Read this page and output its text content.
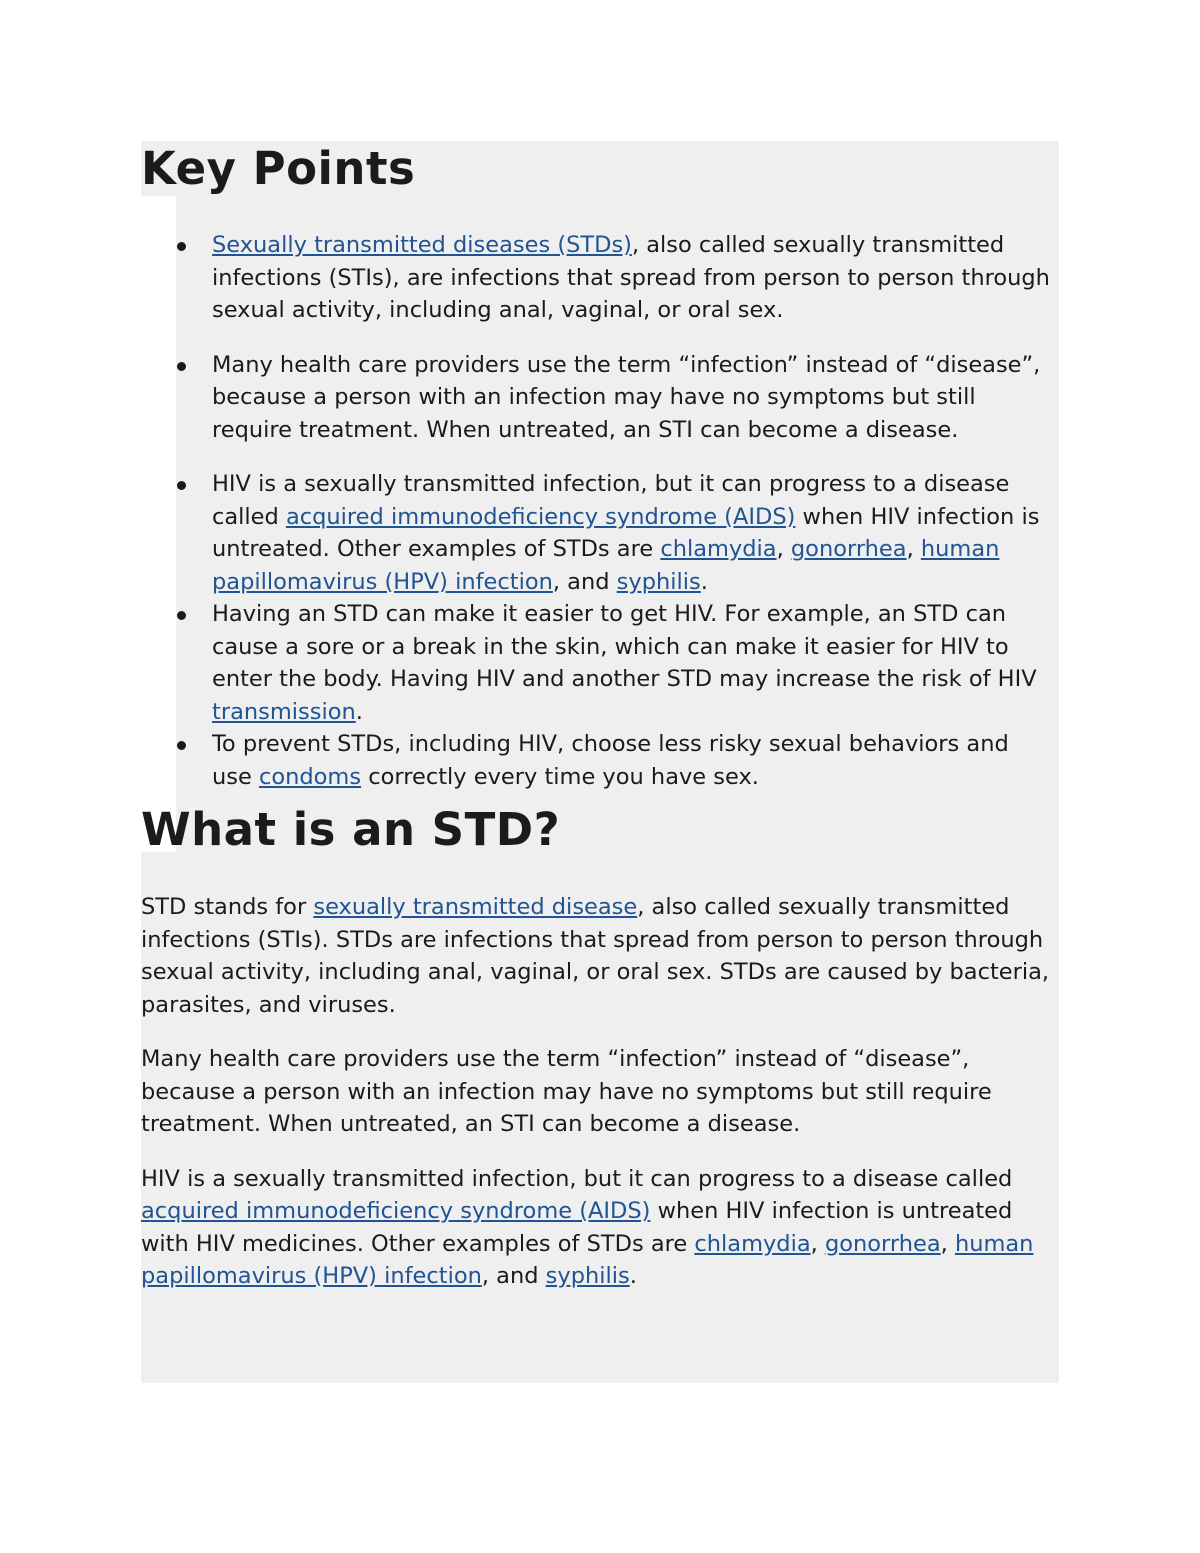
Key Points
Sexually transmitted diseases (STDs), also called sexually transmitted infections (STIs), are infections that spread from person to person through sexual activity, including anal, vaginal, or oral sex.
Many health care providers use the term “infection” instead of “disease”, because a person with an infection may have no symptoms but still require treatment. When untreated, an STI can become a disease.
HIV is a sexually transmitted infection, but it can progress to a disease called acquired immunodeficiency syndrome (AIDS) when HIV infection is untreated. Other examples of STDs are chlamydia, gonorrhea, human papillomavirus (HPV) infection, and syphilis.
Having an STD can make it easier to get HIV. For example, an STD can cause a sore or a break in the skin, which can make it easier for HIV to enter the body. Having HIV and another STD may increase the risk of HIV transmission.
To prevent STDs, including HIV, choose less risky sexual behaviors and use condoms correctly every time you have sex.
What is an STD?

STD stands for sexually transmitted disease, also called sexually transmitted infections (STIs). STDs are infections that spread from person to person through sexual activity, including anal, vaginal, or oral sex. STDs are caused by bacteria, parasites, and viruses.

Many health care providers use the term “infection” instead of “disease”, because a person with an infection may have no symptoms but still require treatment. When untreated, an STI can become a disease.

HIV is a sexually transmitted infection, but it can progress to a disease called acquired immunodeficiency syndrome (AIDS) when HIV infection is untreated with HIV medicines. Other examples of STDs are chlamydia, gonorrhea, human papillomavirus (HPV) infection, and syphilis.
